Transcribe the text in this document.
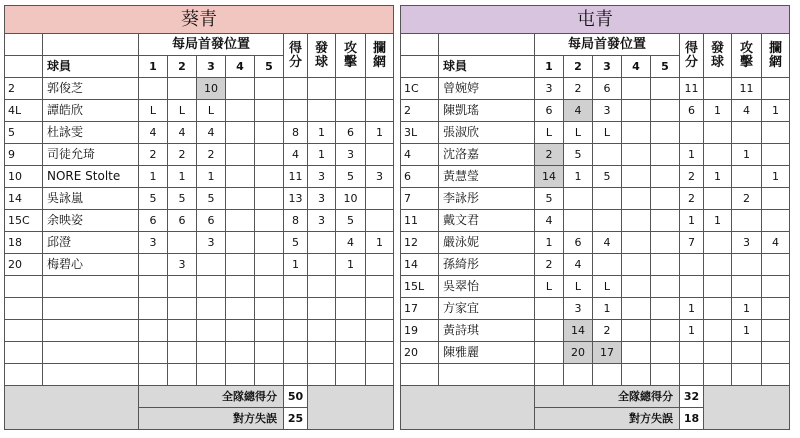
葵青										
		每局首發位置					得分	發球	攻擊	攔網
	球員	1	2	3	4	5				
2	郭俊芝			10						
4L	譚皓欣	L	L	L						
5	杜詠雯	4	4	4			8	1	6	1
9	司徒允琦	2	2	2			4	1	3	
10	NORE Stolte	1	1	1			11	3	5	3
14	吳詠嵐	5	5	5			13	3	10	
15C	余映姿	6	6	6			8	3	5	
18	邱澄	3		3			5		4	1
20	梅碧心		3				1		1	

		全隊總得分					50			
		對方失誤					25			
屯青										
		每局首發位置					得分	發球	攻擊	攔網
	球員	1	2	3	4	5				
1C	曾婉婷	3	2	6			11		11	
2	陳凱瑤	6	4	3			6	1	4	1
3L	張淑欣	L	L	L						
4	沈洛嘉	2	5				1		1	
6	黃慧瑩	14	1	5			2	1		1
7	李詠彤	5					2		2	
11	戴文君	4					1	1		
12	嚴泳妮	1	6	4			7		3	4
14	孫綺彤	2	4							
15L	吳翠怡	L	L	L						
17	方家宜		3	1			1		1	
19	黃詩琪		14	2			1		1	
20	陳雅麗		20	17						

		全隊總得分					32			
		對方失誤					18			
